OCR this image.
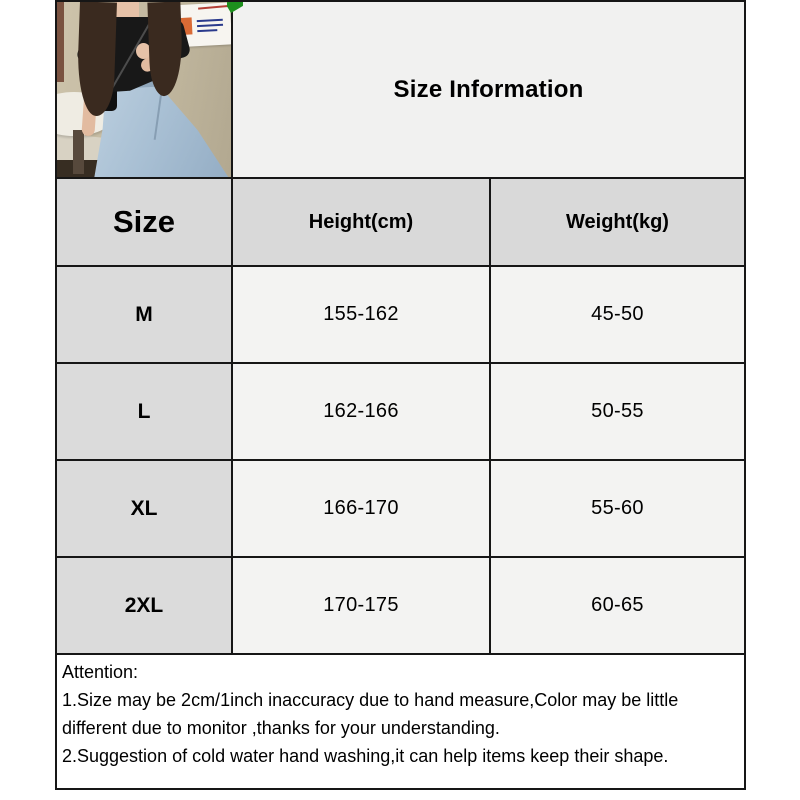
Size Information
Size	Height(cm)	Weight(kg)
M	155-162	45-50
L	162-166	50-55
XL	166-170	55-60
2XL	170-175	60-65
Attention:
1.Size may be 2cm/1inch inaccuracy due to hand measure,Color may be little
different due to monitor ,thanks for your understanding.
2.Suggestion of cold water hand washing,it can help items keep their shape.
